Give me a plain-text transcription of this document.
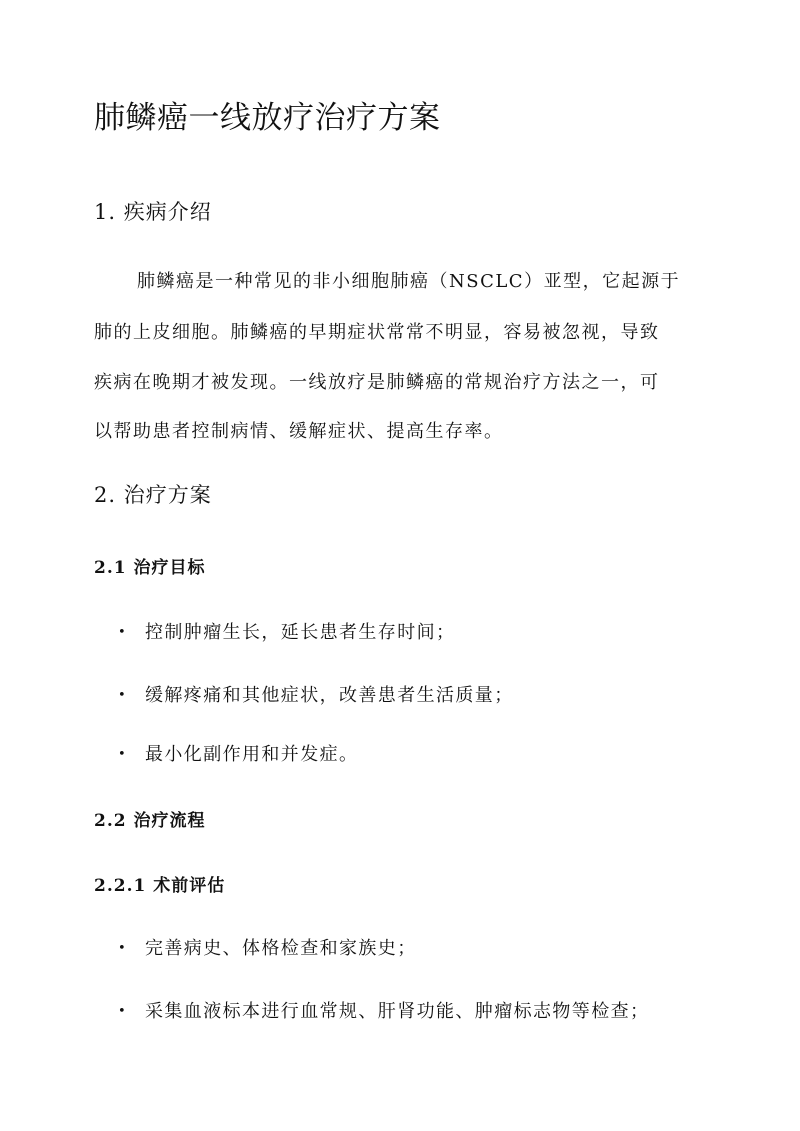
肺鳞癌一线放疗治疗方案
1. 疾病介绍

肺鳞癌是一种常见的非小细胞肺癌（NSCLC）亚型，它起源于

肺的上皮细胞。肺鳞癌的早期症状常常不明显，容易被忽视，导致

疾病在晚期才被发现。一线放疗是肺鳞癌的常规治疗方法之一，可

以帮助患者控制病情、缓解症状、提高生存率。

2. 治疗方案
2.1 治疗目标
• 控制肿瘤生长，延长患者生存时间；
• 缓解疼痛和其他症状，改善患者生活质量；
• 最小化副作用和并发症。
2.2 治疗流程
2.2.1 术前评估
• 完善病史、体格检查和家族史；
• 采集血液标本进行血常规、肝肾功能、肿瘤标志物等检查；
